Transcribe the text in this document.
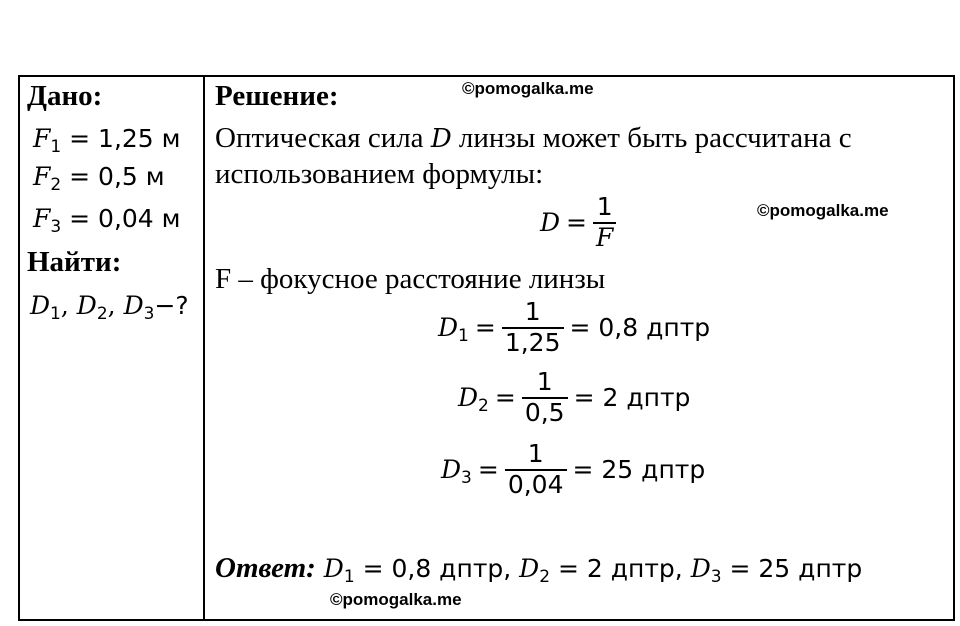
Дано:
$F_1 = 1,25$ м
$F_2 = 0,5$ м
$F_3 = 0,04$ м
Найти:
$D_1$, $D_2$, $D_3-$?
Решение:	©pomogalka.me
©pomogalka.me
©pomogalka.me
Оптическая сила D линзы может быть рассчитана с
использованием формулы:
$D = \frac{1}{F}$
F – фокусное расстояние линзы
$D_1 = \frac{1}{1,25} = 0,8$ дптр
$D_2 = \frac{1}{0,5} = 2$ дптр
$D_3 = \frac{1}{0,04} = 25$ дптр
Ответ: $D_1 = 0,8$ дптр, $D_2 = 2$ дптр, $D_3 = 25$ дптр
